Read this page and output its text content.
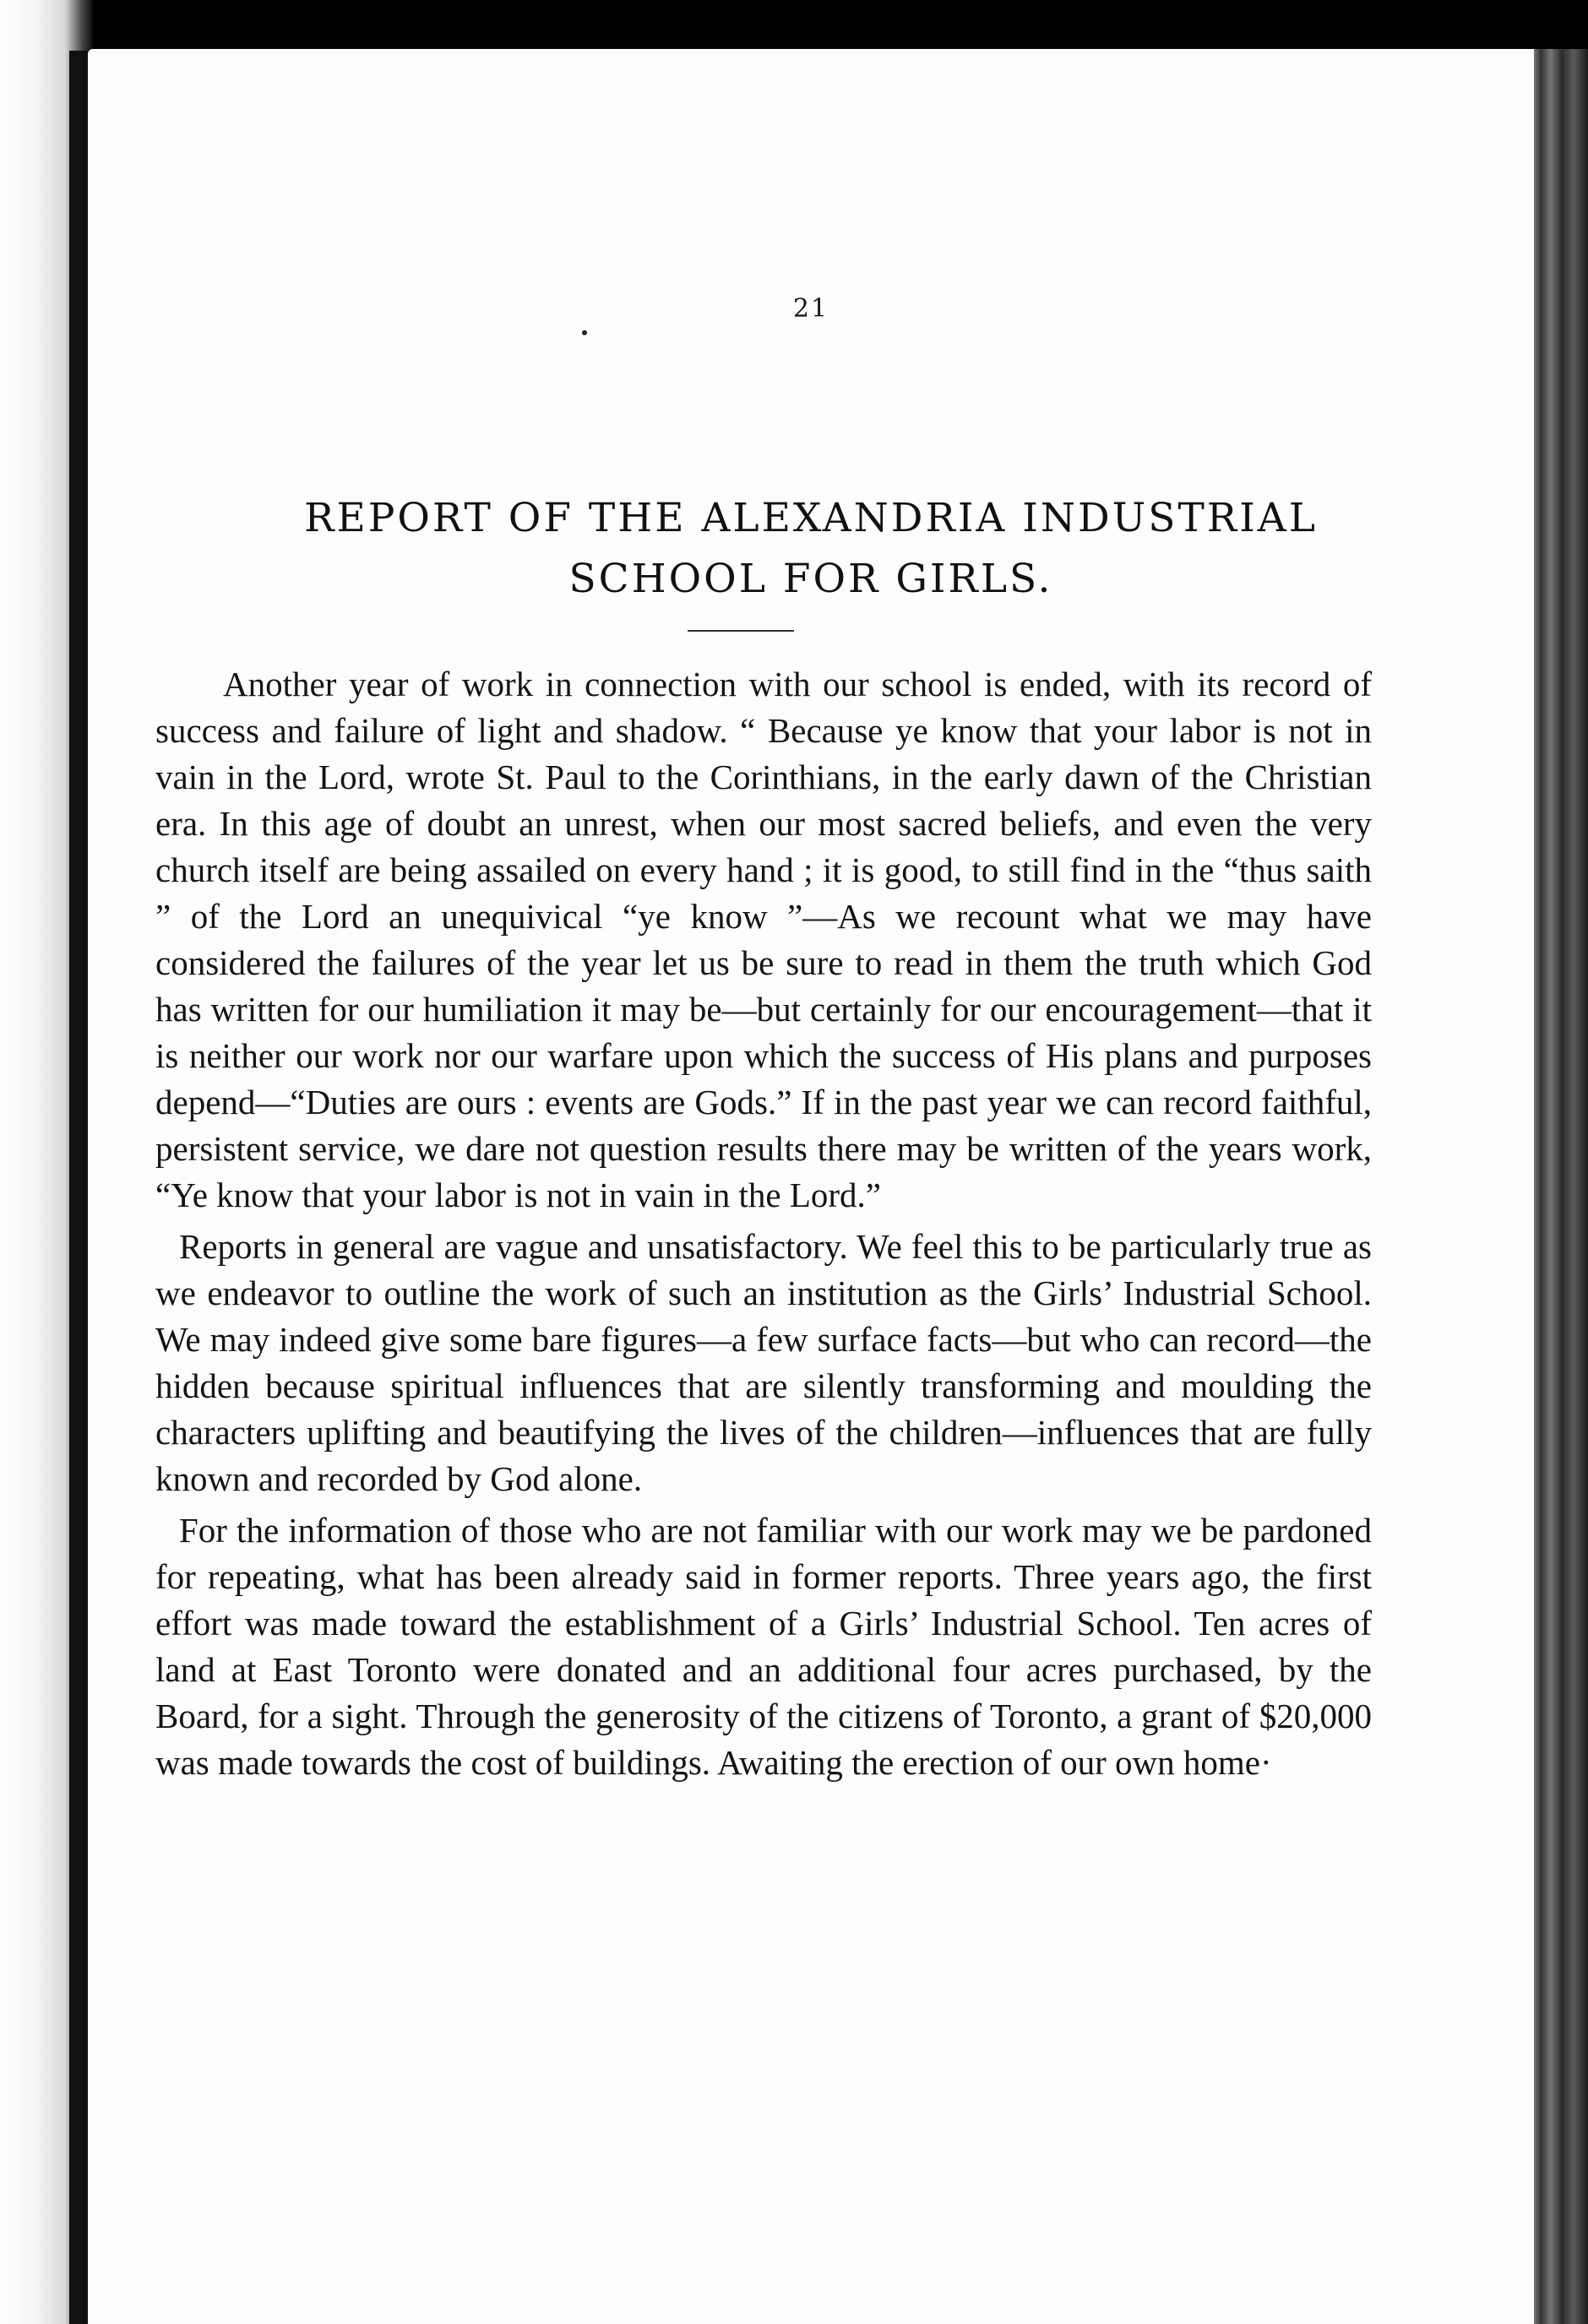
21
REPORT OF THE ALEXANDRIA INDUSTRIAL
SCHOOL FOR GIRLS.

Another year of work in connection with our school is ended, with its record of success and failure of light and shadow. “ Because ye know that your labor is not in vain in the Lord, wrote St. Paul to the Corinthians, in the early dawn of the Christian era. In this age of doubt an unrest, when our most sacred beliefs, and even the very church itself are being assailed on every hand ; it is good, to still find in the “thus saith ” of the Lord an unequivical “ye know ”—As we recount what we may have considered the failures of the year let us be sure to read in them the truth which God has written for our humiliation it may be—but certainly for our encouragement—that it is neither our work nor our warfare upon which the success of His plans and purposes depend—“Duties are ours : events are Gods.” If in the past year we can record faithful, persistent service, we dare not question results there may be written of the years work, “Ye know that your labor is not in vain in the Lord.”

Reports in general are vague and unsatisfactory. We feel this to be particularly true as we endeavor to outline the work of such an institution as the Girls’ Industrial School. We may indeed give some bare figures—a few surface facts—but who can record—the hidden because spiritual influences that are silently transforming and moulding the characters uplifting and beautifying the lives of the children—influences that are fully known and recorded by God alone.

For the information of those who are not familiar with our work may we be pardoned for repeating, what has been already said in former reports. Three years ago, the first effort was made toward the establishment of a Girls’ Industrial School. Ten acres of land at East Toronto were donated and an additional four acres purchased, by the Board, for a sight. Through the generosity of the citizens of Toronto, a grant of $20,000 was made towards the cost of buildings. Awaiting the erection of our own home·
